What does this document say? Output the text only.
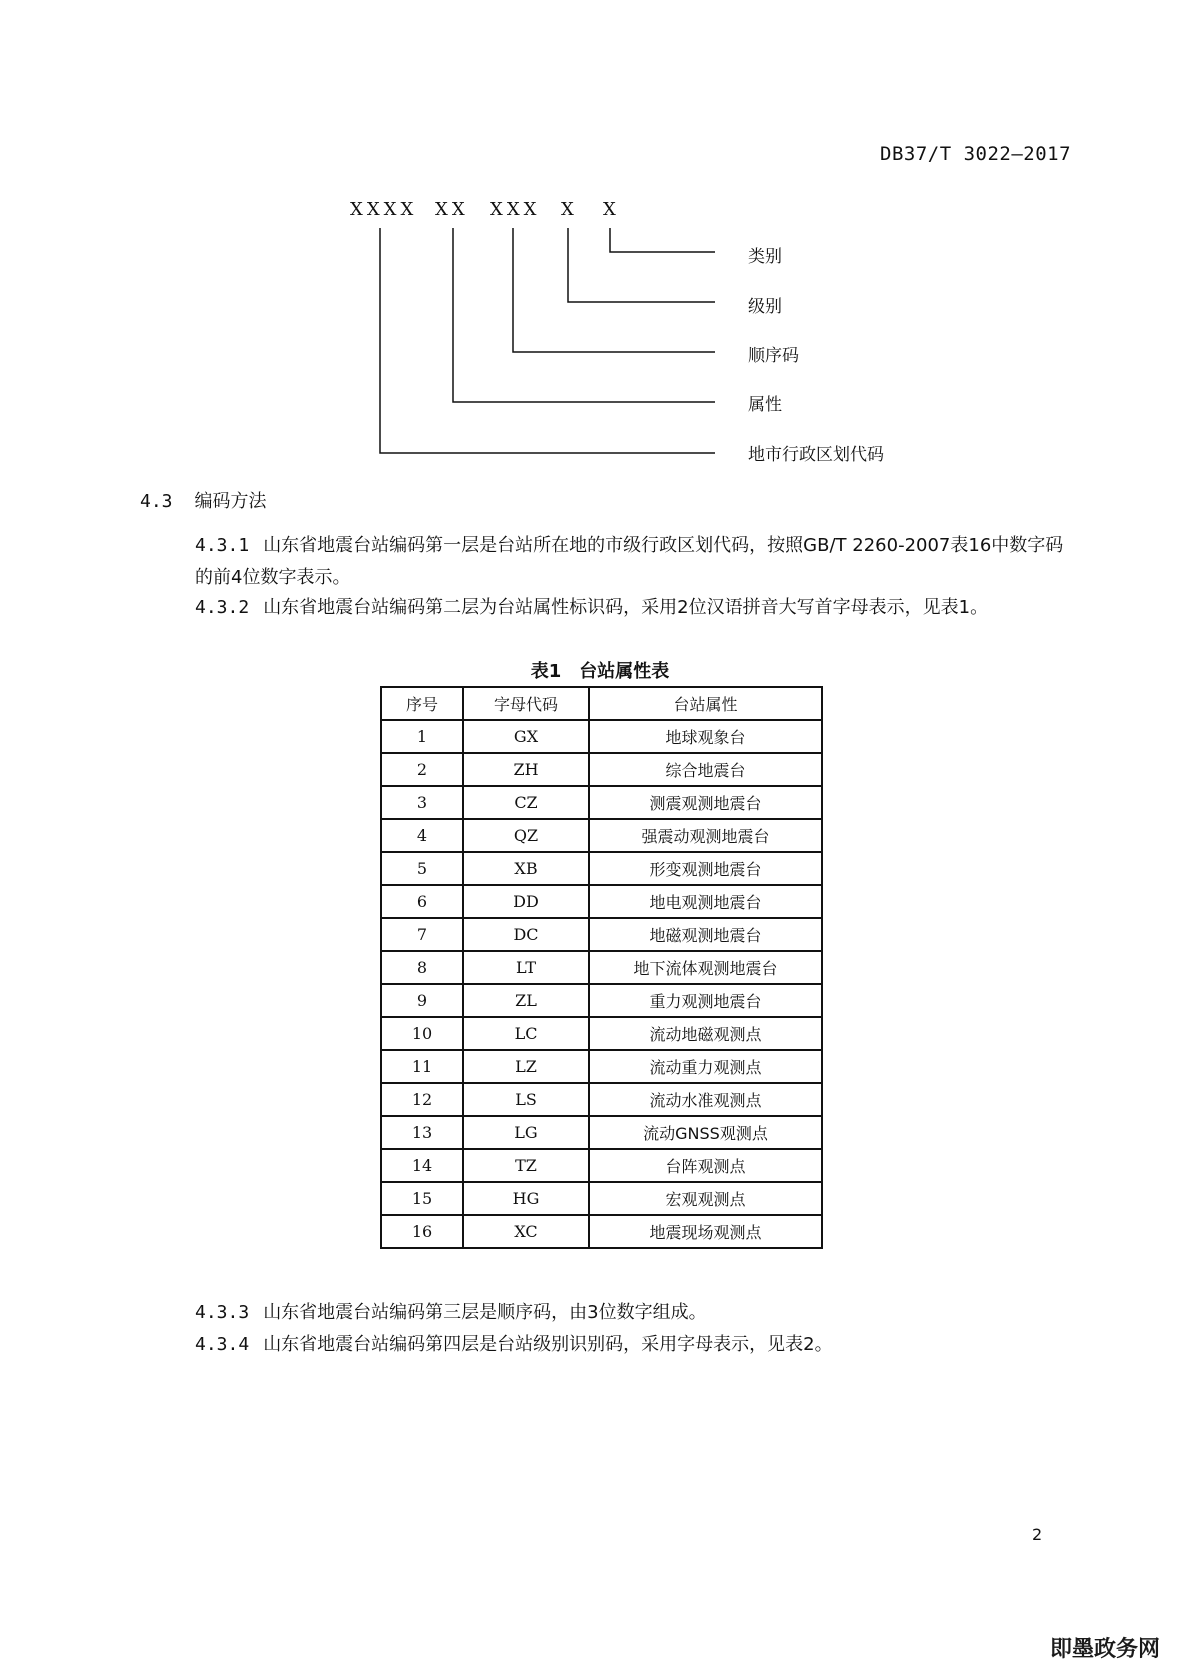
DB37/T 3022—2017
XXXX XX XXX X X
类别
级别
顺序码
属性
地市行政区划代码
4.3 编码方法
4.3.1 山东省地震台站编码第一层是台站所在地的市级行政区划代码，按照GB/T 2260-2007表16中数字码的前4位数字表示。
4.3.2 山东省地震台站编码第二层为台站属性标识码，采用2位汉语拼音大写首字母表示，见表1。
表1　台站属性表
序号	字母代码	台站属性
1	GX	地球观象台
2	ZH	综合地震台
3	CZ	测震观测地震台
4	QZ	强震动观测地震台
5	XB	形变观测地震台
6	DD	地电观测地震台
7	DC	地磁观测地震台
8	LT	地下流体观测地震台
9	ZL	重力观测地震台
10	LC	流动地磁观测点
11	LZ	流动重力观测点
12	LS	流动水准观测点
13	LG	流动GNSS观测点
14	TZ	台阵观测点
15	HG	宏观观测点
16	XC	地震现场观测点
4.3.3 山东省地震台站编码第三层是顺序码，由3位数字组成。
4.3.4 山东省地震台站编码第四层是台站级别识别码，采用字母表示，见表2。
2
即墨政务网
